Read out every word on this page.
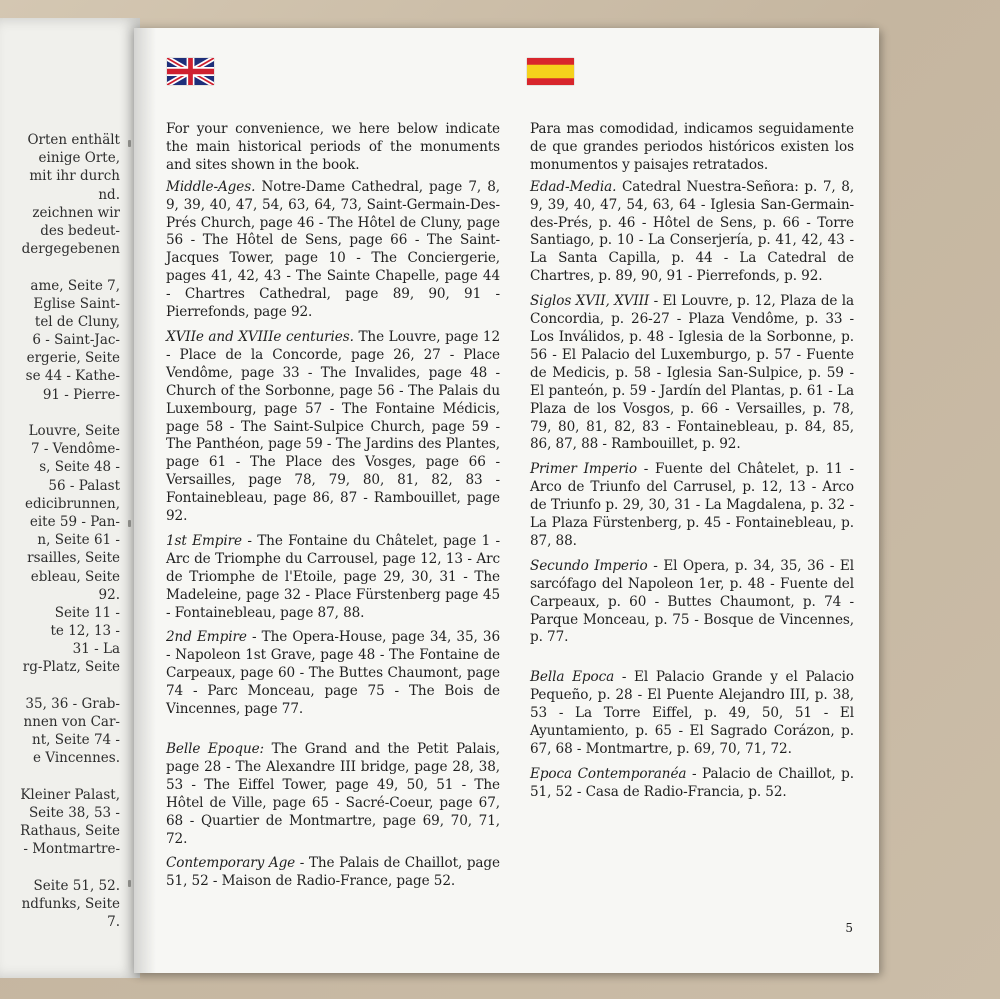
Orten enthält
einige Orte,
mit ihr durch
nd.
zeichnen wir
des bedeut-
dergegebenen
ame, Seite 7,
Eglise Saint-
tel de Cluny,
6 - Saint-Jac-
ergerie, Seite
se 44 - Kathe-
91 - Pierre-
Louvre, Seite
7 - Vendôme-
s, Seite 48 -
56 - Palast
edicibrunnen,
eite 59 - Pan-
n, Seite 61 -
rsailles, Seite
ebleau, Seite
92.
Seite 11 -
te 12, 13 -
31 - La
rg-Platz, Seite
35, 36 - Grab-
nnen von Car-
nt, Seite 74 -
e Vincennes.
Kleiner Palast,
Seite 38, 53 -
Rathaus, Seite
- Montmartre-
Seite 51, 52.
ndfunks, Seite
7.

For your convenience, we here below indicate the main historical periods of the monuments and sites shown in the book.

Middle-Ages. Notre-Dame Cathedral, page 7, 8, 9, 39, 40, 47, 54, 63, 64, 73, Saint-Germain-Des-Prés Church, page 46 - The Hôtel de Cluny, page 56 - The Hôtel de Sens, page 66 - The Saint-Jacques Tower, page 10 - The Conciergerie, pages 41, 42, 43 - The Sainte Chapelle, page 44 - Chartres Cathedral, page 89, 90, 91 - Pierrefonds, page 92.

XVIIe and XVIIIe centuries. The Louvre, page 12 - Place de la Concorde, page 26, 27 - Place Vendôme, page 33 - The Invalides, page 48 - Church of the Sorbonne, page 56 - The Palais du Luxembourg, page 57 - The Fontaine Médicis, page 58 - The Saint-Sulpice Church, page 59 - The Panthéon, page 59 - The Jardins des Plantes, page 61 - The Place des Vosges, page 66 - Versailles, page 78, 79, 80, 81, 82, 83 - Fontainebleau, page 86, 87 - Rambouillet, page 92.

1st Empire - The Fontaine du Châtelet, page 1 - Arc de Triomphe du Carrousel, page 12, 13 - Arc de Triomphe de l'Etoile, page 29, 30, 31 - The Madeleine, page 32 - Place Fürstenberg page 45 - Fontainebleau, page 87, 88.

2nd Empire - The Opera-House, page 34, 35, 36 - Napoleon 1st Grave, page 48 - The Fontaine de Carpeaux, page 60 - The Buttes Chaumont, page 74 - Parc Monceau, page 75 - The Bois de Vincennes, page 77.

Belle Epoque: The Grand and the Petit Palais, page 28 - The Alexandre III bridge, page 28, 38, 53 - The Eiffel Tower, page 49, 50, 51 - The Hôtel de Ville, page 65 - Sacré-Coeur, page 67, 68 - Quartier de Montmartre, page 69, 70, 71, 72.

Contemporary Age - The Palais de Chaillot, page 51, 52 - Maison de Radio-France, page 52.

Para mas comodidad, indicamos seguidamente de que grandes periodos históricos existen los monumentos y paisajes retratados.

Edad-Media. Catedral Nuestra-Señora: p. 7, 8, 9, 39, 40, 47, 54, 63, 64 - Iglesia San-Germain-des-Prés, p. 46 - Hôtel de Sens, p. 66 - Torre Santiago, p. 10 - La Conserjería, p. 41, 42, 43 - La Santa Capilla, p. 44 - La Catedral de Chartres, p. 89, 90, 91 - Pierrefonds, p. 92.

Siglos XVII, XVIII - El Louvre, p. 12, Plaza de la Concordia, p. 26-27 - Plaza Vendôme, p. 33 - Los Inválidos, p. 48 - Iglesia de la Sorbonne, p. 56 - El Palacio del Luxemburgo, p. 57 - Fuente de Medicis, p. 58 - Iglesia San-Sulpice, p. 59 - El panteón, p. 59 - Jardín del Plantas, p. 61 - La Plaza de los Vosgos, p. 66 - Versailles, p. 78, 79, 80, 81, 82, 83 - Fontainebleau, p. 84, 85, 86, 87, 88 - Rambouillet, p. 92.

Primer Imperio - Fuente del Châtelet, p. 11 - Arco de Triunfo del Carrusel, p. 12, 13 - Arco de Triunfo p. 29, 30, 31 - La Magdalena, p. 32 - La Plaza Fürstenberg, p. 45 - Fontainebleau, p. 87, 88.

Secundo Imperio - El Opera, p. 34, 35, 36 - El sarcófago del Napoleon 1er, p. 48 - Fuente del Carpeaux, p. 60 - Buttes Chaumont, p. 74 - Parque Monceau, p. 75 - Bosque de Vincennes, p. 77.

Bella Epoca - El Palacio Grande y el Palacio Pequeño, p. 28 - El Puente Alejandro III, p. 38, 53 - La Torre Eiffel, p. 49, 50, 51 - El Ayuntamiento, p. 65 - El Sagrado Corázon, p. 67, 68 - Montmartre, p. 69, 70, 71, 72.

Epoca Contemporanéa - Palacio de Chaillot, p. 51, 52 - Casa de Radio-Francia, p. 52.

5
